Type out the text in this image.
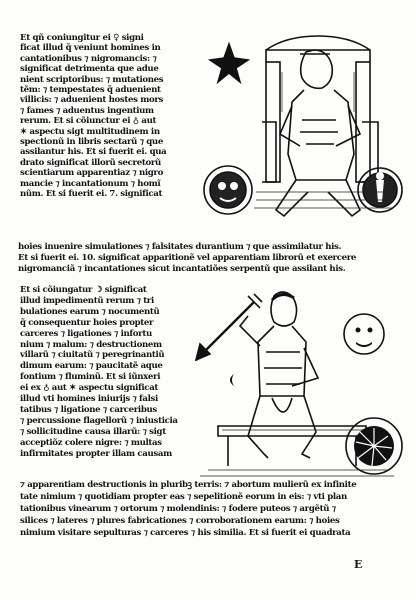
Et qñ coniungitur ei ♀ signi
ficat illud q̃ veniunt homines in
cantationibus ⁊ nigromancis: ⁊
significat detrimenta que adue
nient scriptoribus: ⁊ mutationes
tẽm: ⁊ tempestates q̃ aduenient
villicis: ⁊ aduenient hostes mors
⁊ fames ⁊ aduentus ingentium
rerum. Et si cõiunctur ei ♁ aut
✶ aspectu sigt̃ multitudinem in
spectionũ in libris sectarũ ⁊ que
assilantur his. Et si fuerit ei. qua
drato significat illorũ secretorũ
scientiarum apparentiaz ⁊ nigro
mancie ⁊ incantationum ⁊ homĩ
nũm. Et si fuerit ei. 7. significat
hoies inuenire simulationes ⁊ falsitates durantium ⁊ que assimilatur his.
Et si fuerit ei. 10. significat apparitionẽ vel apparentiam librorũ et exercere
nigromanciã ⁊ incantationes sicut incantatiões serpentũ que assilant his.
Et si cõiungatur ☽ significat
illud impedimentũ rerum ⁊ tri
bulationes earum ⁊ nocumentũ
q̃ consequentur hoies propter
carceres ⁊ ligationes ⁊ infortu
nium ⁊ malum: ⁊ destructionem
villarũ ⁊ ciuitatũ ⁊ peregrinantiũ
dimum earum: ⁊ paucitatẽ aque
fontium ⁊ fluminũ. Et si iũnxeri
ei ex ♁ aut ✶ aspectu significat
illud vti homines iniurijs ⁊ falsi
tatibus ⁊ ligatione ⁊ carceribus
⁊ percussione flagellorũ ⁊ iniusticia
⁊ sollicitudine causa illarũ: ⁊ sigt̃
acceptiõz colere nigre: ⁊ multas
infirmitates propter illam causam
⁊ apparentiam destructionis in pluribꝫ terris: ⁊ abortum mulierũ ex infinite
tate nimium ⁊ quotidiam propter eas ⁊ sepelitionẽ eorum in eis: ⁊ vti plan
tationibus vinearum ⁊ ortorum ⁊ molendinis: ⁊ fodere puteos ⁊ argẽtũ ⁊
silices ⁊ lateres ⁊ plures fabricationes ⁊ corroborationem earum: ⁊ hoies
nimium visitare sepulturas ⁊ carceres ⁊ his similia. Et si fuerit ei quadrata
E
